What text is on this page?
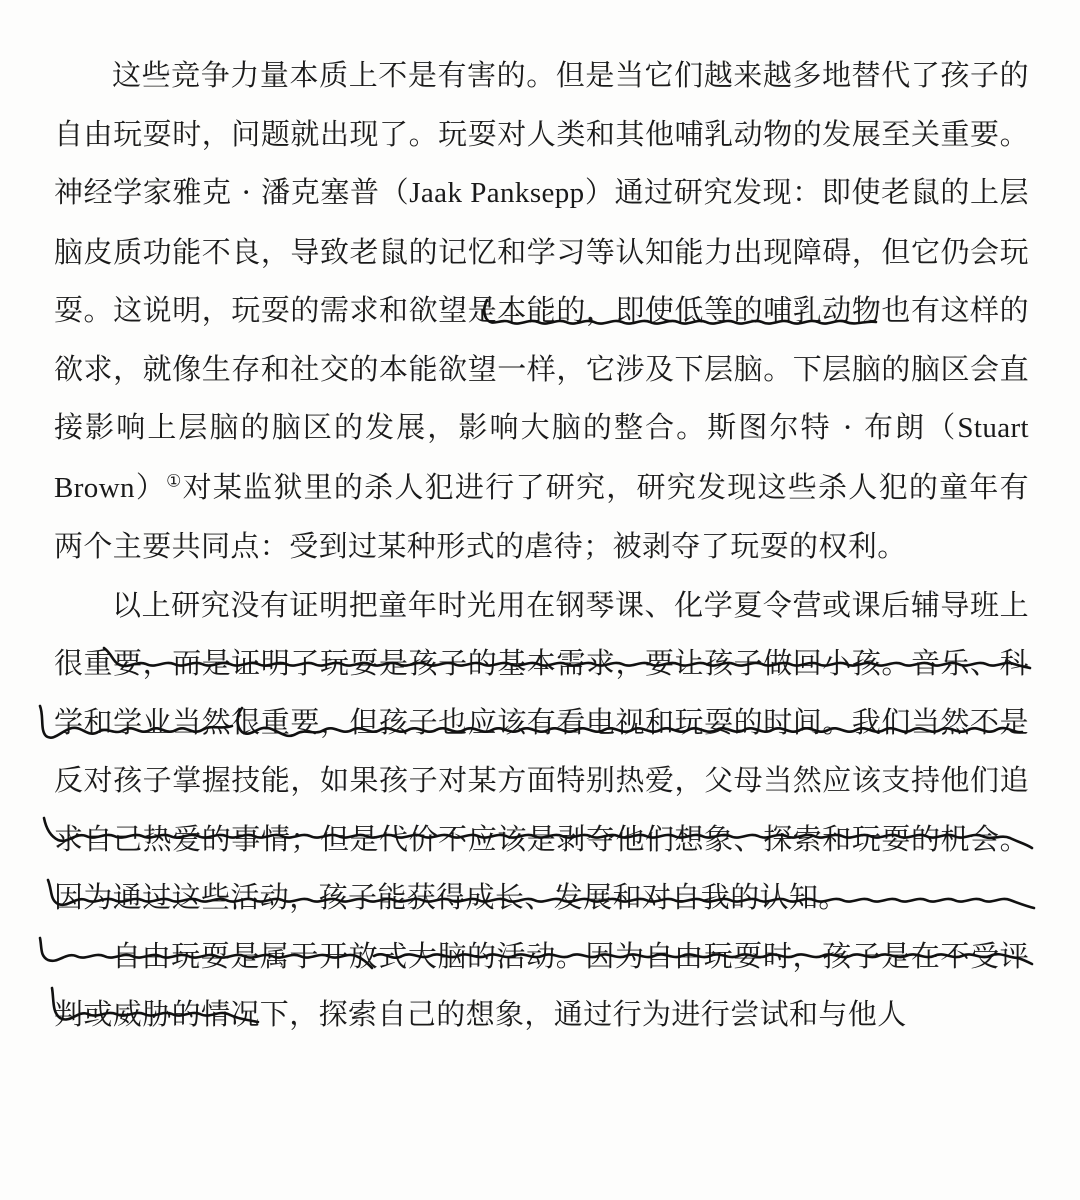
这些竞争力量本质上不是有害的。但是当它们越来越多地替代了孩子的自由玩耍时，问题就出现了。玩耍对人类和其他哺乳动物的发展至关重要。神经学家雅克 · 潘克塞普（Jaak Panksepp）通过研究发现：即使老鼠的上层脑皮质功能不良，导致老鼠的记忆和学习等认知能力出现障碍，但它仍会玩耍。这说明，玩耍的需求和欲望是本能的，即使低等的哺乳动物也有这样的欲求，就像生存和社交的本能欲望一样，它涉及下层脑。下层脑的脑区会直接影响上层脑的脑区的发展，影响大脑的整合。斯图尔特 · 布朗（Stuart Brown）①对某监狱里的杀人犯进行了研究，研究发现这些杀人犯的童年有两个主要共同点：受到过某种形式的虐待；被剥夺了玩耍的权利。

以上研究没有证明把童年时光用在钢琴课、化学夏令营或课后辅导班上很重要，而是证明了玩耍是孩子的基本需求，要让孩子做回小孩。音乐、科学和学业当然很重要，但孩子也应该有看电视和玩耍的时间。我们当然不是反对孩子掌握技能，如果孩子对某方面特别热爱，父母当然应该支持他们追求自己热爱的事情；但是代价不应该是剥夺他们想象、探索和玩耍的机会。因为通过这些活动，孩子能获得成长、发展和对自我的认知。

自由玩耍是属于开放式大脑的活动。因为自由玩耍时，孩子是在不受评判或威胁的情况下，探索自己的想象，通过行为进行尝试和与他人
